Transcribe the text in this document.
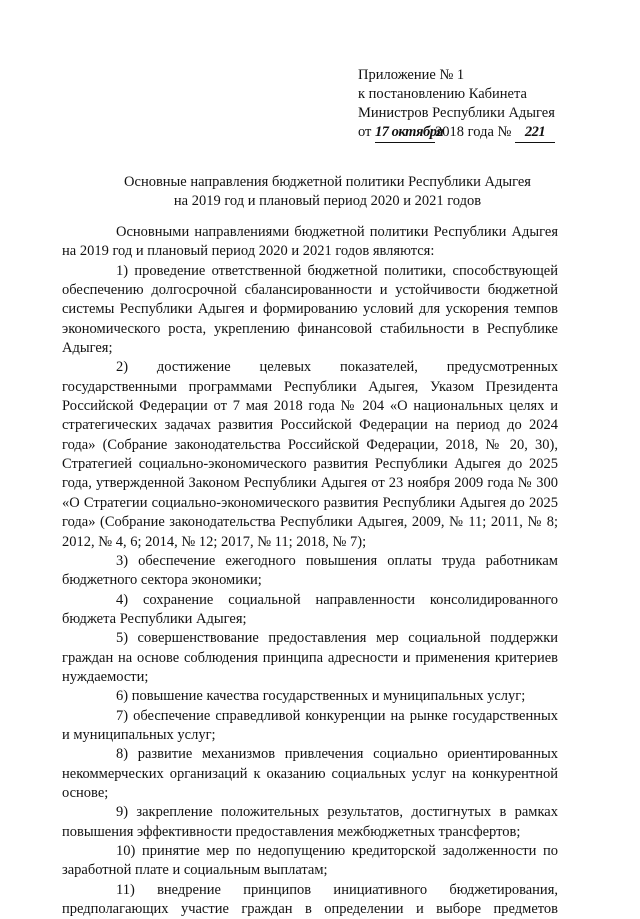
Приложение № 1
к постановлению Кабинета
Министров Республики Адыгея
от 17 октября2018 года № 221
Основные направления бюджетной политики Республики Адыгея
на 2019 год и плановый период 2020 и 2021 годов

Основными направлениями бюджетной политики Республики Адыгея на 2019 год и плановый период 2020 и 2021 годов являются:

1) проведение ответственной бюджетной политики, способствующей обеспечению долгосрочной сбалансированности и устойчивости бюджетной системы Республики Адыгея и формированию условий для ускорения темпов экономического роста, укреплению финансовой стабильности в Республике Адыгея;

2) достижение целевых показателей, предусмотренных государственными программами Республики Адыгея, Указом Президента Российской Федерации от 7 мая 2018 года № 204 «О национальных целях и стратегических задачах развития Российской Федерации на период до 2024 года» (Собрание законодательства Российской Федерации, 2018, № 20, 30), Стратегией социально-экономического развития Республики Адыгея до 2025 года, утвержденной Законом Республики Адыгея от 23 ноября 2009 года № 300 «О Стратегии социально-экономического развития Республики Адыгея до 2025 года» (Собрание законодательства Республики Адыгея, 2009, № 11; 2011, № 8; 2012, № 4, 6; 2014, № 12; 2017, № 11; 2018, № 7);

3) обеспечение ежегодного повышения оплаты труда работникам бюджетного сектора экономики;

4) сохранение социальной направленности консолидированного бюджета Республики Адыгея;

5) совершенствование предоставления мер социальной поддержки граждан на основе соблюдения принципа адресности и применения критериев нуждаемости;

6) повышение качества государственных и муниципальных услуг;

7) обеспечение справедливой конкуренции на рынке государственных и муниципальных услуг;

8) развитие механизмов привлечения социально ориентированных некоммерческих организаций к оказанию социальных услуг на конкурентной основе;

9) закрепление положительных результатов, достигнутых в рамках повышения эффективности предоставления межбюджетных трансфертов;

10) принятие мер по недопущению кредиторской задолженности по заработной плате и социальным выплатам;

11) внедрение принципов инициативного бюджетирования, предполагающих участие граждан в определении и выборе предметов
